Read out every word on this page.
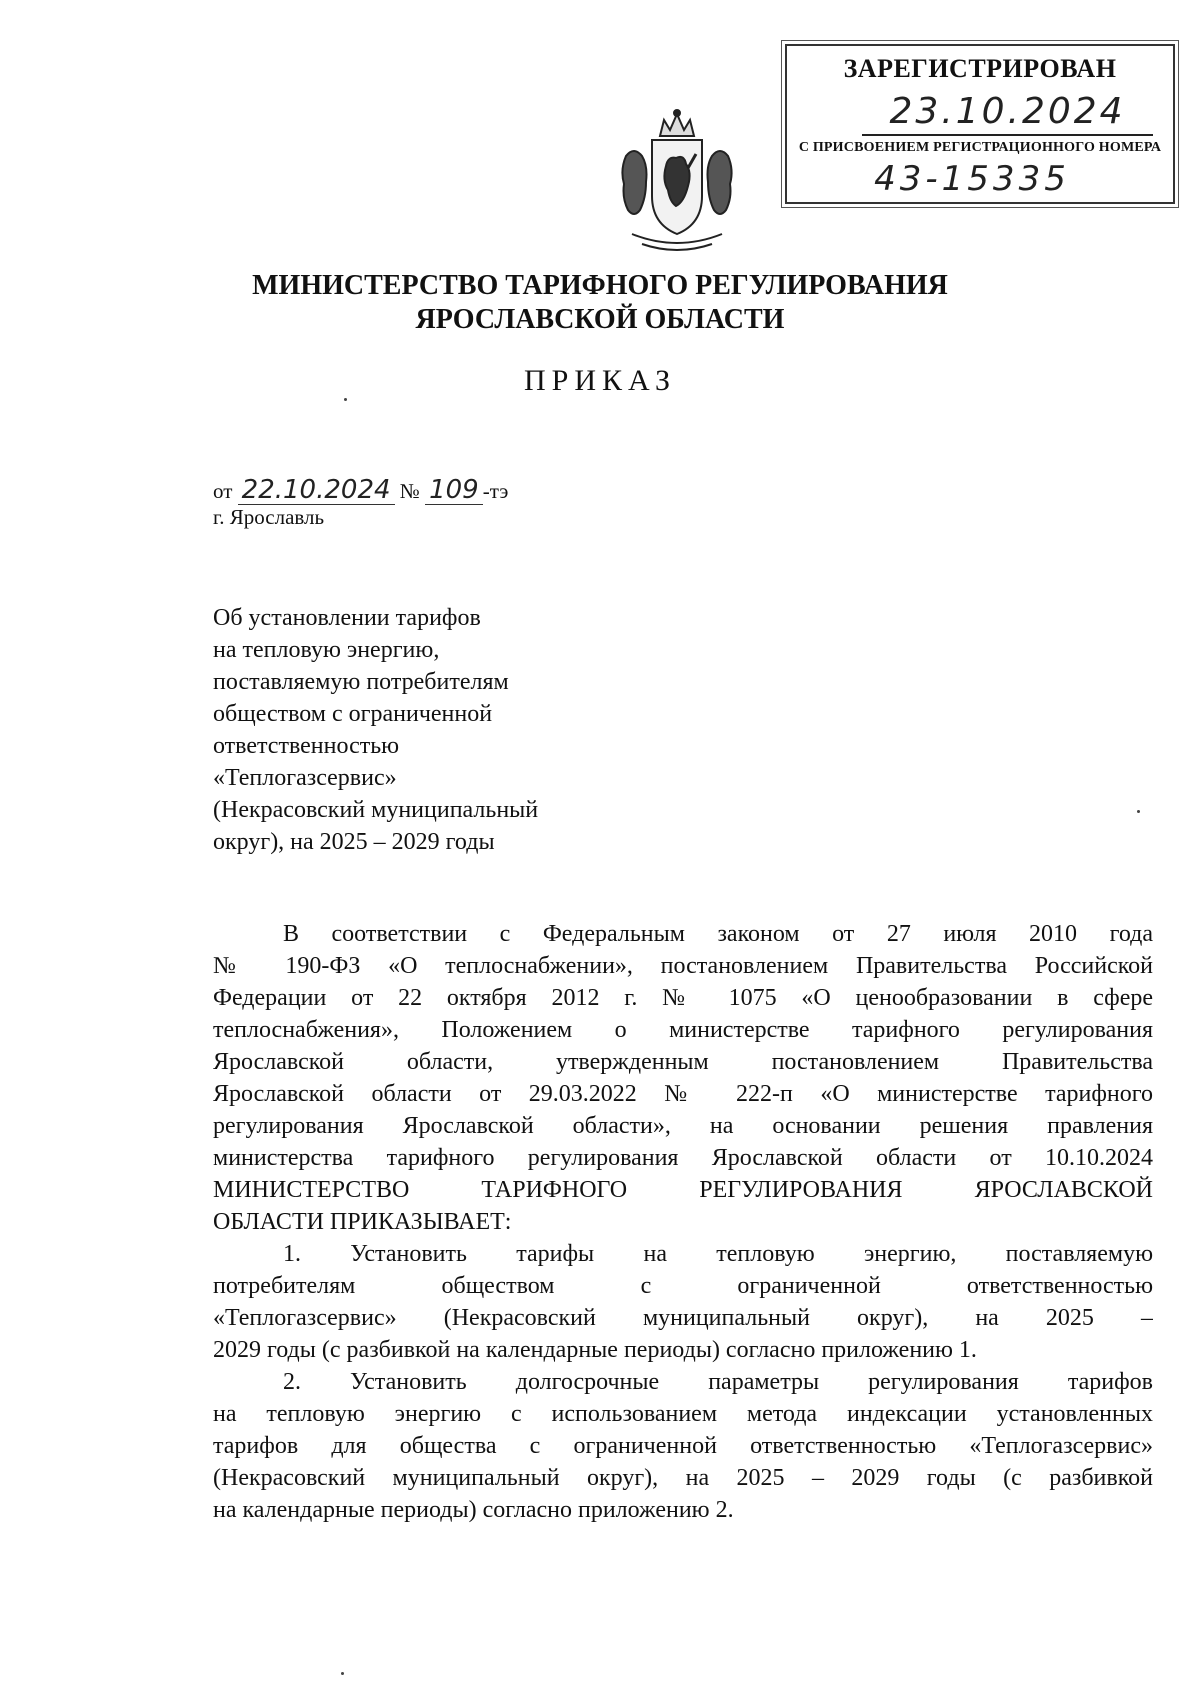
ЗАРЕГИСТРИРОВАН
23.10.2024
С ПРИСВОЕНИЕМ РЕГИСТРАЦИОННОГО НОМЕРА
43-15335
МИНИСТЕРСТВО ТАРИФНОГО РЕГУЛИРОВАНИЯ
ЯРОСЛАВСКОЙ ОБЛАСТИ
ПРИКАЗ
от 22.10.2024 № 109 -тэ
г. Ярославль
Об установлении тарифов
на тепловую энергию,
поставляемую потребителям
обществом с ограниченной
ответственностью
«Теплогазсервис»
(Некрасовский муниципальный
округ), на 2025 – 2029 годы
В соответствии с Федеральным законом от 27 июля 2010 года
№ 190-ФЗ «О теплоснабжении», постановлением Правительства Российской
Федерации от 22 октября 2012 г. № 1075 «О ценообразовании в сфере
теплоснабжения», Положением о министерстве тарифного регулирования
Ярославской области, утвержденным постановлением Правительства
Ярославской области от 29.03.2022 № 222-п «О министерстве тарифного
регулирования Ярославской области», на основании решения правления
министерства тарифного регулирования Ярославской области от 10.10.2024
МИНИСТЕРСТВО ТАРИФНОГО РЕГУЛИРОВАНИЯ ЯРОСЛАВСКОЙ
ОБЛАСТИ ПРИКАЗЫВАЕТ:
1. Установить тарифы на тепловую энергию, поставляемую
потребителям обществом с ограниченной ответственностью
«Теплогазсервис» (Некрасовский муниципальный округ), на 2025 –
2029 годы (с разбивкой на календарные периоды) согласно приложению 1.
2. Установить долгосрочные параметры регулирования тарифов
на тепловую энергию с использованием метода индексации установленных
тарифов для общества с ограниченной ответственностью «Теплогазсервис»
(Некрасовский муниципальный округ), на 2025 – 2029 годы (с разбивкой
на календарные периоды) согласно приложению 2.
